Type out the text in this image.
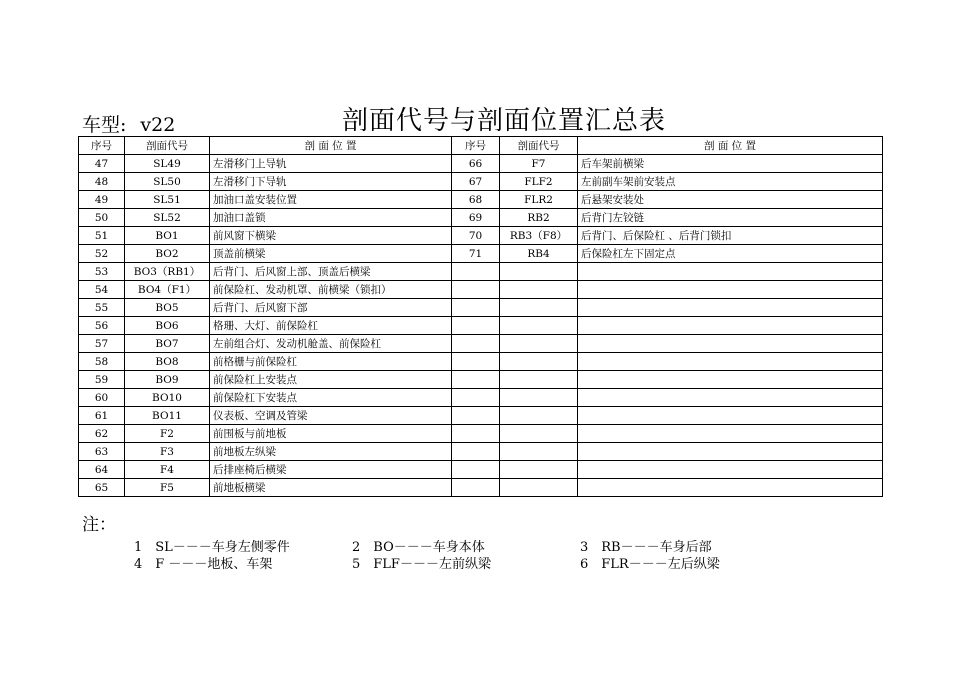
车型: v22	剖面代号与剖面位置汇总表
序号	剖面代号	剖 面 位 置	序号	剖面代号	剖 面 位 置
47	SL49	左滑移门上导轨	66	F7	后车架前横梁
48	SL50	左滑移门下导轨	67	FLF2	左前副车架前安装点
49	SL51	加油口盖安装位置	68	FLR2	后悬架安装处
50	SL52	加油口盖锁	69	RB2	后背门左铰链
51	BO1	前风窗下横梁	70	RB3（F8）	后背门、后保险杠 、后背门锁扣
52	BO2	顶盖前横梁	71	RB4	后保险杠左下固定点
53	BO3（RB1）	后背门、后风窗上部、顶盖后横梁			
54	BO4（F1）	前保险杠、发动机罩、前横梁（锁扣）			
55	BO5	后背门、后风窗下部			
56	BO6	格珊、大灯、前保险杠			
57	BO7	左前组合灯、发动机舱盖、前保险杠			
58	BO8	前格栅与前保险杠			
59	BO9	前保险杠上安装点			
60	BO10	前保险杠下安装点			
61	BO11	仪表板、空调及管梁			
62	F2	前围板与前地板			
63	F3	前地板左纵梁			
64	F4	后排座椅后横梁			
65	F5	前地板横梁			
注：
1　SL－－－车身左侧零件	2　BO－－－车身本体	3　RB－－－车身后部
4　F －－－地板、车架	5　FLF－－－左前纵梁	6　FLR－－－左后纵梁
